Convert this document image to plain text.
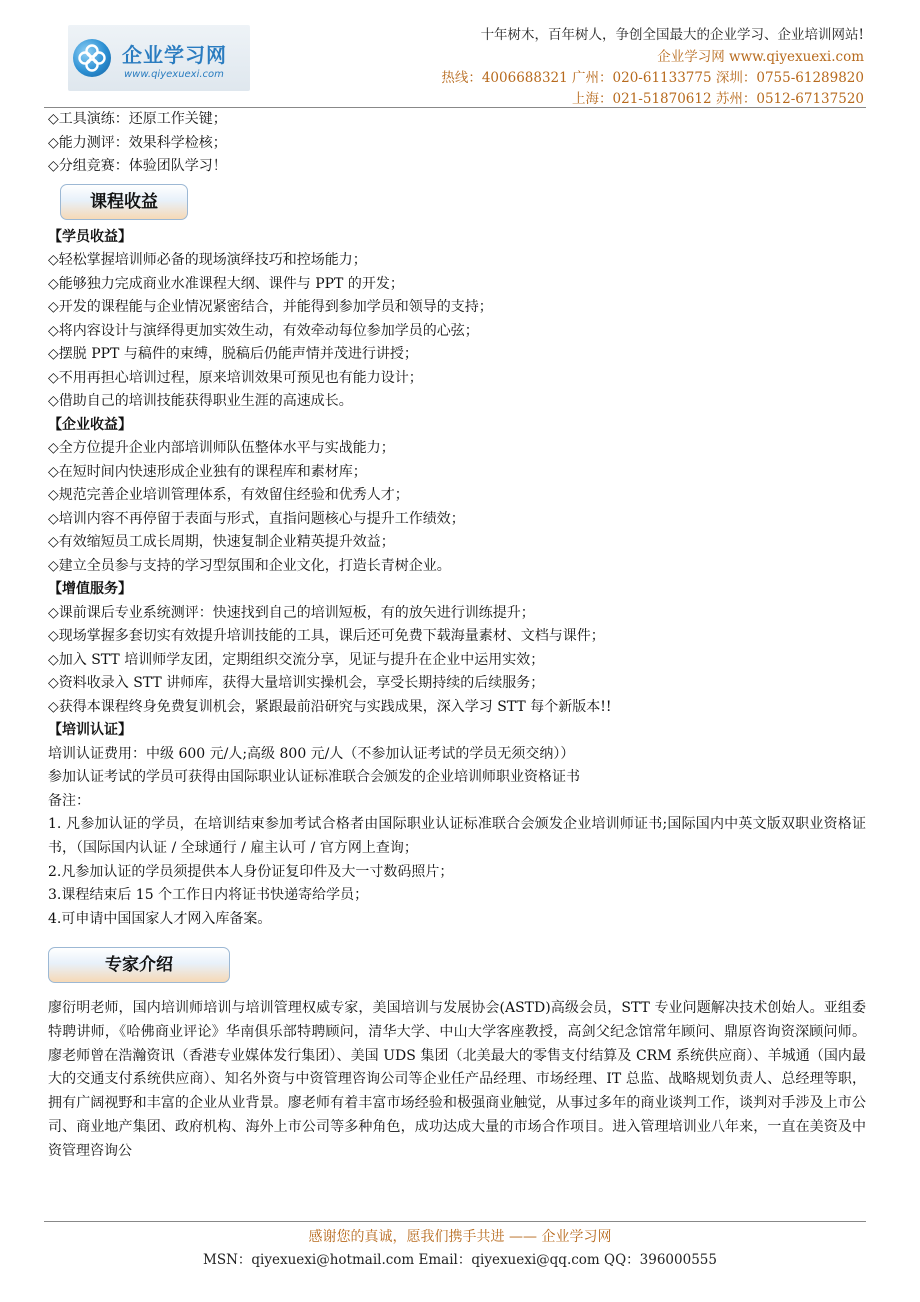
企业学习网
www.qiyexuexi.com
十年树木，百年树人，争创全国最大的企业学习、企业培训网站!
企业学习网 www.qiyexuexi.com
热线：4006688321 广州：020-61133775 深圳：0755-61289820
上海：021-51870612 苏州：0512-67137520
◇工具演练：还原工作关键；
◇能力测评：效果科学检核；
◇分组竞赛：体验团队学习！
课程收益
【学员收益】
◇轻松掌握培训师必备的现场演绎技巧和控场能力；
◇能够独力完成商业水准课程大纲、课件与 PPT 的开发；
◇开发的课程能与企业情况紧密结合，并能得到参加学员和领导的支持；
◇将内容设计与演绎得更加实效生动，有效牵动每位参加学员的心弦；
◇摆脱 PPT 与稿件的束缚，脱稿后仍能声情并茂进行讲授；
◇不用再担心培训过程，原来培训效果可预见也有能力设计；
◇借助自己的培训技能获得职业生涯的高速成长。
【企业收益】
◇全方位提升企业内部培训师队伍整体水平与实战能力；
◇在短时间内快速形成企业独有的课程库和素材库；
◇规范完善企业培训管理体系，有效留住经验和优秀人才；
◇培训内容不再停留于表面与形式，直指问题核心与提升工作绩效；
◇有效缩短员工成长周期，快速复制企业精英提升效益；
◇建立全员参与支持的学习型氛围和企业文化，打造长青树企业。
【增值服务】
◇课前课后专业系统测评：快速找到自己的培训短板，有的放矢进行训练提升；
◇现场掌握多套切实有效提升培训技能的工具，课后还可免费下载海量素材、文档与课件；
◇加入 STT 培训师学友团，定期组织交流分享，见证与提升在企业中运用实效；
◇资料收录入 STT 讲师库，获得大量培训实操机会，享受长期持续的后续服务；
◇获得本课程终身免费复训机会，紧跟最前沿研究与实践成果，深入学习 STT 每个新版本!!
【培训认证】
培训认证费用：中级 600 元/人;高级 800 元/人（不参加认证考试的学员无须交纳））
参加认证考试的学员可获得由国际职业认证标准联合会颁发的企业培训师职业资格证书
备注：
1. 凡参加认证的学员，在培训结束参加考试合格者由国际职业认证标准联合会颁发企业培训师证书;国际国内中英文版双职业资格证书，（国际国内认证 / 全球通行 / 雇主认可 / 官方网上查询；
2.凡参加认证的学员须提供本人身份证复印件及大一寸数码照片；
3.课程结束后 15 个工作日内将证书快递寄给学员；
4.可申请中国国家人才网入库备案。
专家介绍
廖衍明老师，国内培训师培训与培训管理权威专家，美国培训与发展协会(ASTD)高级会员，STT 专业问题解决技术创始人。亚组委特聘讲师，《哈佛商业评论》华南俱乐部特聘顾问，清华大学、中山大学客座教授，高剑父纪念馆常年顾问、鼎原咨询资深顾问师。廖老师曾在浩瀚资讯（香港专业媒体发行集团）、美国 UDS 集团（北美最大的零售支付结算及 CRM 系统供应商）、羊城通（国内最大的交通支付系统供应商）、知名外资与中资管理咨询公司等企业任产品经理、市场经理、IT 总监、战略规划负责人、总经理等职，拥有广阔视野和丰富的企业从业背景。廖老师有着丰富市场经验和极强商业触觉，从事过多年的商业谈判工作，谈判对手涉及上市公司、商业地产集团、政府机构、海外上市公司等多种角色，成功达成大量的市场合作项目。进入管理培训业八年来，一直在美资及中资管理咨询公
感谢您的真诚，愿我们携手共进 —— 企业学习网
MSN：qiyexuexi@hotmail.com Email：qiyexuexi@qq.com QQ：396000555
